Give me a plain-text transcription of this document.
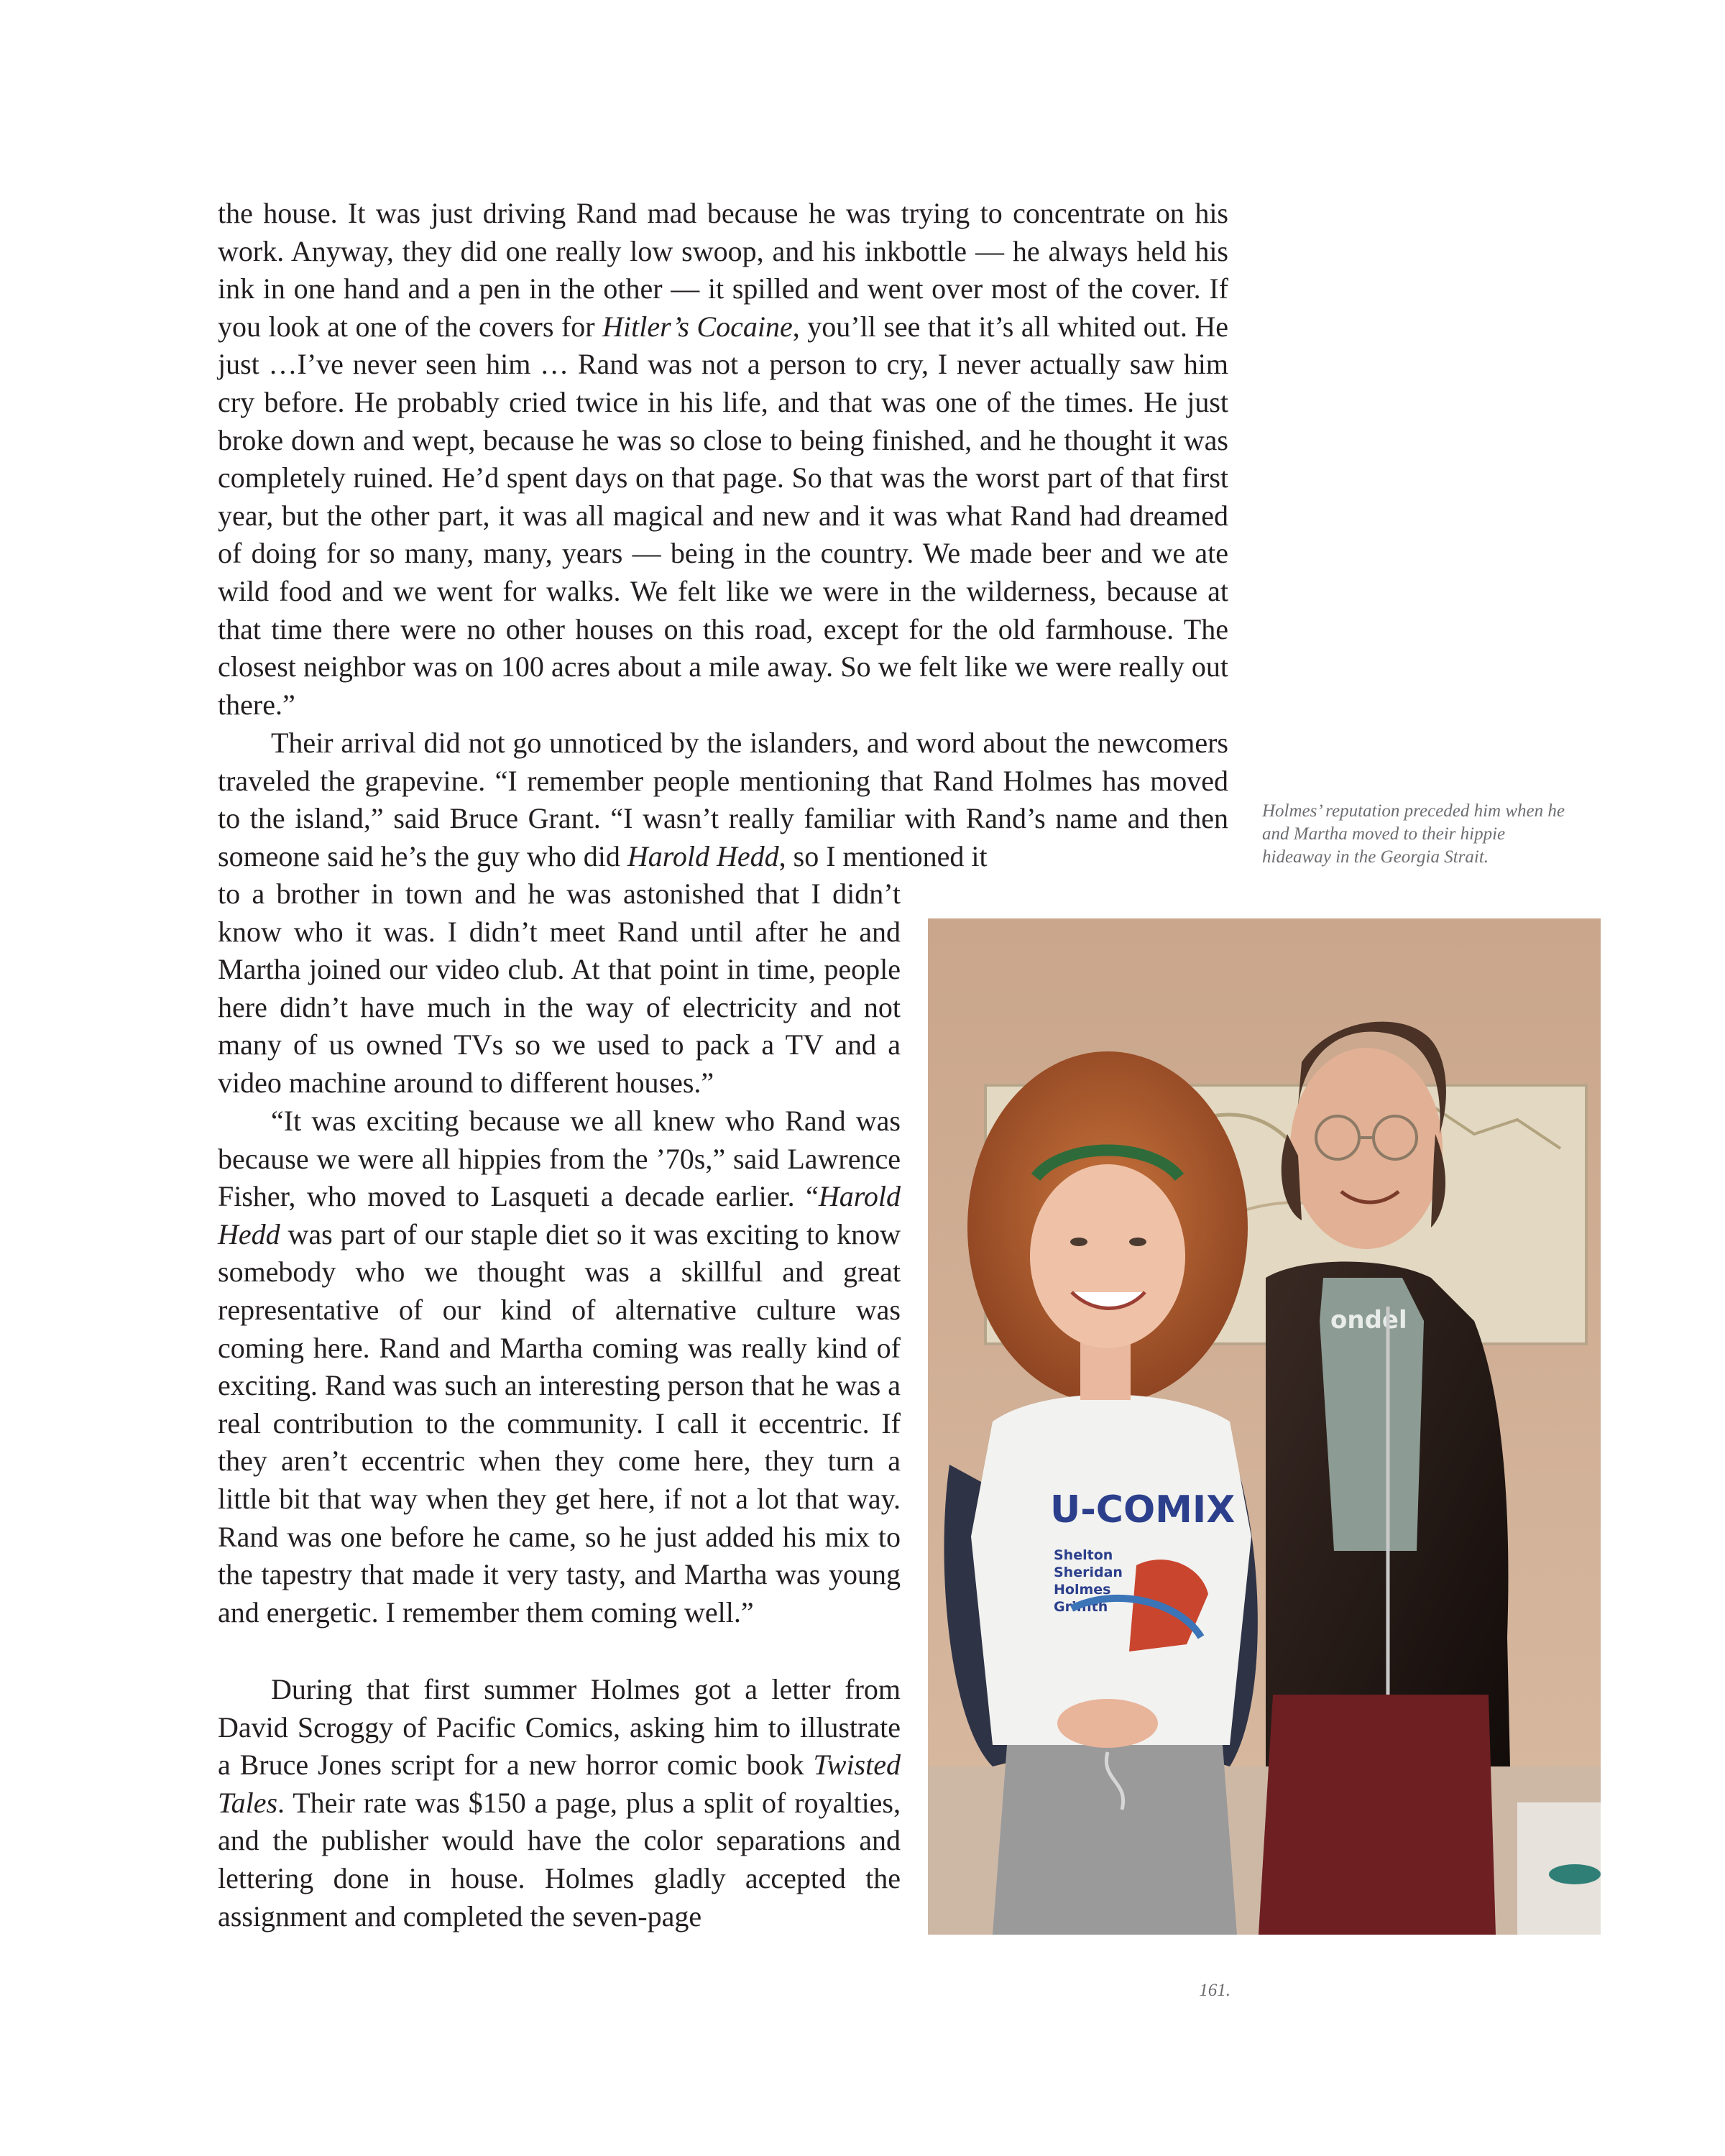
the house. It was just driving Rand mad because he was trying to concentrate on his work. Anyway, they did one really low swoop, and his inkbottle — he always held his ink in one hand and a pen in the other — it spilled and went over most of the cover. If you look at one of the covers for Hitler’s Cocaine, you’ll see that it’s all whited out. He just …I’ve never seen him … Rand was not a person to cry, I never actually saw him cry before. He probably cried twice in his life, and that was one of the times. He just broke down and wept, because he was so close to being finished, and he thought it was completely ruined. He’d spent days on that page. So that was the worst part of that first year, but the other part, it was all magical and new and it was what Rand had dreamed of doing for so many, many, years — being in the country. We made beer and we ate wild food and we went for walks. We felt like we were in the wilderness, because at that time there were no other houses on this road, except for the old farmhouse. The closest neighbor was on 100 acres about a mile away. So we felt like we were really out there.”

Their arrival did not go unnoticed by the islanders, and word about the newcomers traveled the grapevine. “I remember people mentioning that Rand Holmes has moved to the island,” said Bruce Grant. “I wasn’t really familiar with Rand’s name and then someone said he’s the guy who did Harold Hedd, so I mentioned it

to a brother in town and he was astonished that I didn’t know who it was. I didn’t meet Rand until after he and Martha joined our video club. At that point in time, people here didn’t have much in the way of electricity and not many of us owned TVs so we used to pack a TV and a video machine around to different houses.”

“It was exciting because we all knew who Rand was because we were all hippies from the ’70s,” said Lawrence Fisher, who moved to Lasqueti a decade earlier. “Harold Hedd was part of our staple diet so it was exciting to know somebody who we thought was a skillful and great representative of our kind of alternative culture was coming here. Rand and Martha coming was really kind of exciting. Rand was such an interesting person that he was a real contribution to the community. I call it eccentric. If they aren’t eccentric when they come here, they turn a little bit that way when they get here, if not a lot that way. Rand was one before he came, so he just added his mix to the tapestry that made it very tasty, and Martha was young and energetic. I remember them coming well.”

During that first summer Holmes got a letter from David Scroggy of Pacific Comics, asking him to illustrate a Bruce Jones script for a new horror comic book Twisted Tales. Their rate was $150 a page, plus a split of royalties, and the publisher would have the color separations and lettering done in house. Holmes gladly accepted the assignment and completed the seven-page

Holmes’ reputation preceded him when he and Martha moved to their hippie hideaway in the Georgia Strait.
ondel
U-COMIX
Shelton
Sheridan
Holmes
Griffith
161.
